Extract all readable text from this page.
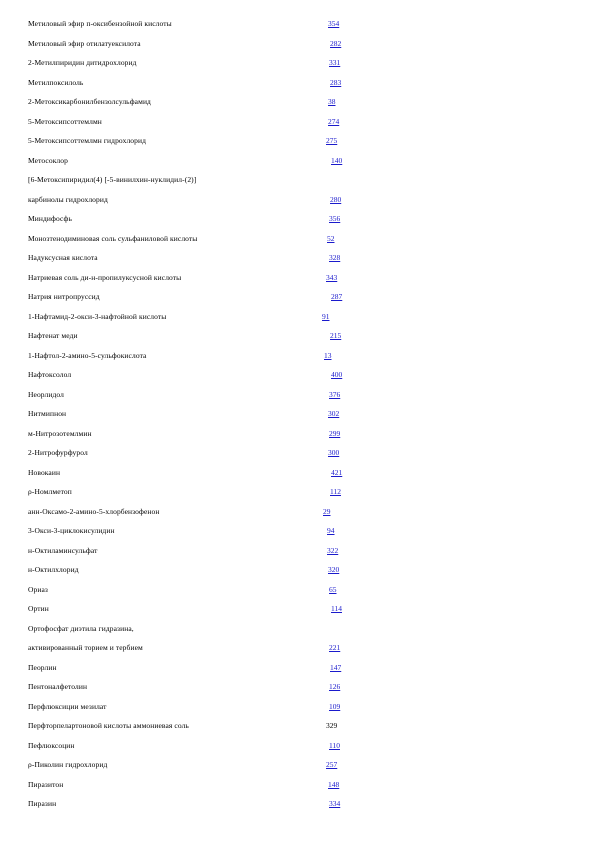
Метиловый эфир п-оксибензойной кислоты	354
Метиловый эфир отилатуексилота	282
2-Метилпиридин дитидрохлорид	331
Метилпоксилоль	283
2-Метоксикарбонилбензолсульфамид	38
5-Метоксипсоттемлмн	274
5-Метоксипсоттемлмн гидрохлорид	275
Метосоклор	140
[6-Метоксипиридил(4) [-5-винилхин-нуклидил-(2)]
карбинолы гидрохлорид	280
Миндифосфь	356
Монозтенодиминовая соль сульфаниловой кислоты	52
Надуксусная кислота	328
Натриевая соль ди-н-пропилуксусной кислоты	343
Натрия нитропруссид	287
1-Нафтамид-2-окси-3-нафтойной кислоты	91
Нафтенат меди	215
1-Нафтол-2-амино-5-сульфокислота	13
Нафтоксолол	400
Неорлидол	376
Нитмипнон	302
м-Нитрозотемлмин	299
2-Нитрофурфурол	300
Новокаин	421
ρ-Номлметоп	112
анн-Оксамо-2-амино-5-хлорбензофенон	29
3-Окси-3-циклокисулидин	94
н-Октиламинсульфат	322
н-Октилхлорид	320
Ориаз	65
Ортин	114
Ортофосфат диэтила гидразина,
активированный торием и тербием	221
Пеорлин	147
Пентоналфетолин	126
Перфлюксиции мезилат	109
Перфторпелартоновой кислоты аммониевая соль	329
Пефлюксоцин	110
ρ-Пиколин гидрохлорид	257
Пиразитон	148
Пиразин	334
